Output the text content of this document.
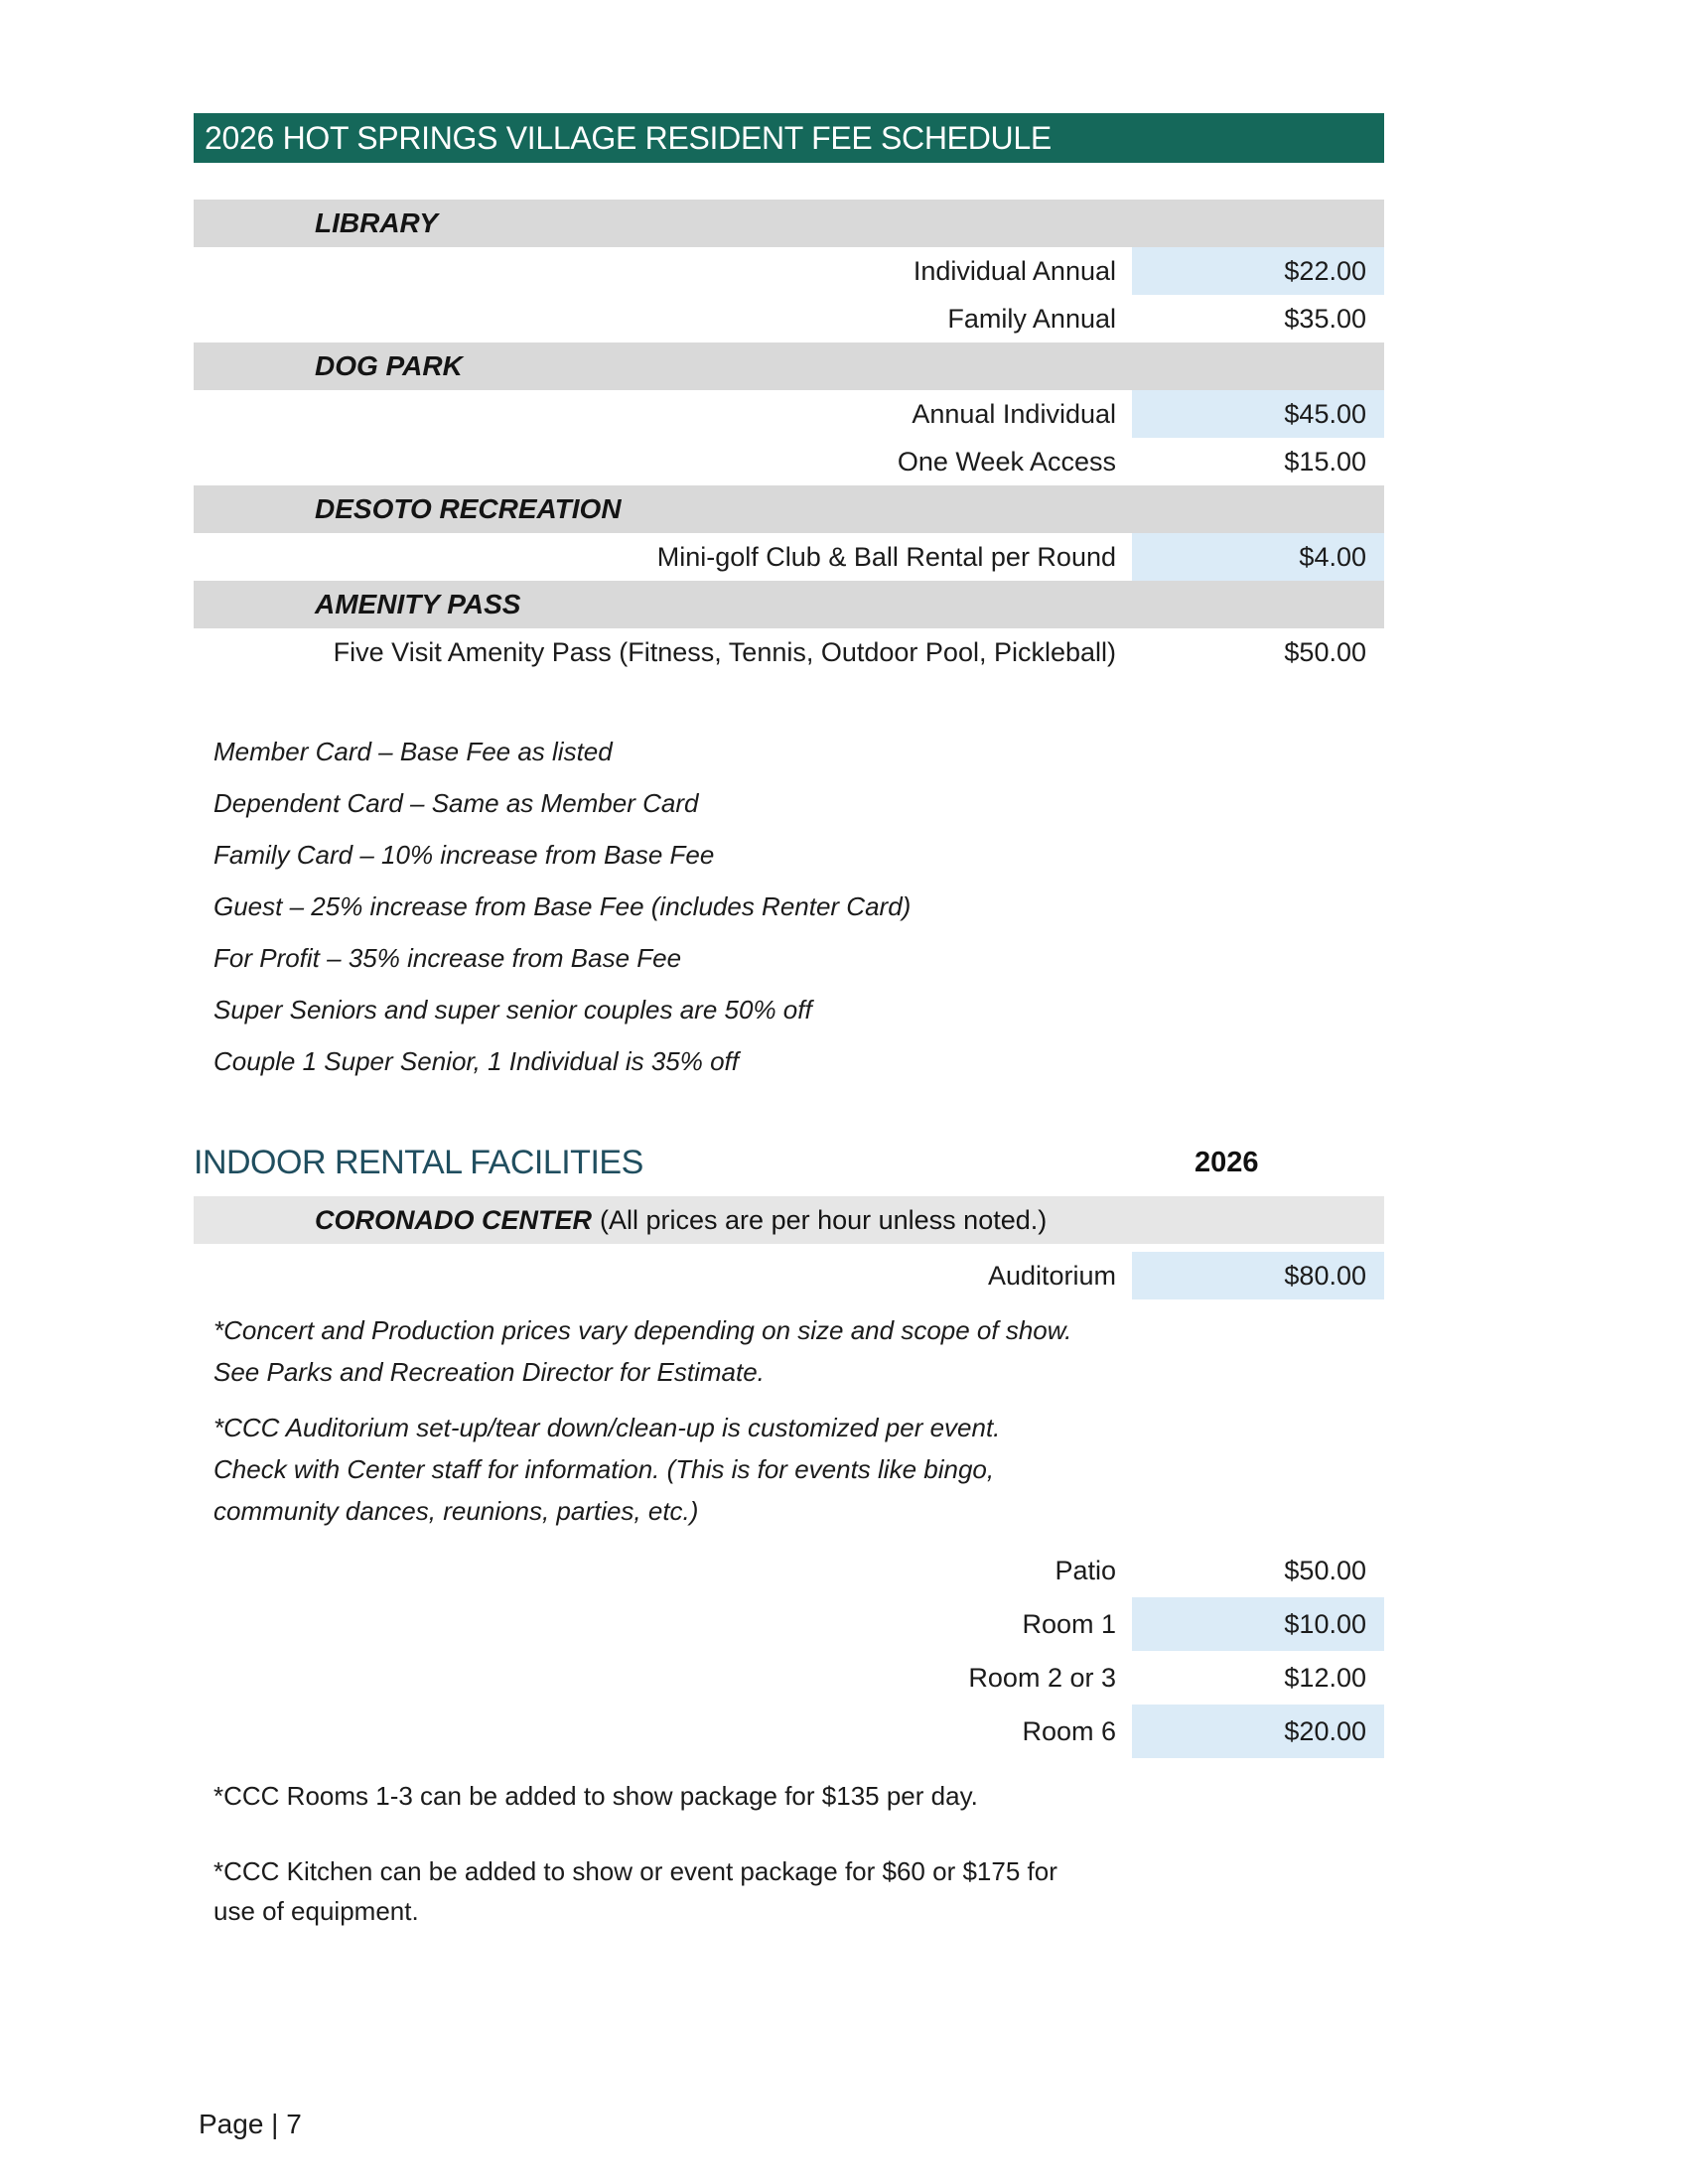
2026 HOT SPRINGS VILLAGE RESIDENT FEE SCHEDULE
LIBRARY
Individual Annual	$22.00
Family Annual	$35.00
DOG PARK
Annual Individual	$45.00
One Week Access	$15.00
DESOTO RECREATION
Mini-golf Club & Ball Rental per Round	$4.00
AMENITY PASS
Five Visit Amenity Pass (Fitness, Tennis, Outdoor Pool, Pickleball)	$50.00
Member Card – Base Fee as listed
Dependent Card – Same as Member Card
Family Card – 10% increase from Base Fee
Guest – 25% increase from Base Fee (includes Renter Card)
For Profit – 35% increase from Base Fee
Super Seniors and super senior couples are 50% off
Couple 1 Super Senior, 1 Individual is 35% off
INDOOR RENTAL FACILITIES	2026
CORONADO CENTER (All prices are per hour unless noted.)
Auditorium	$80.00
*Concert and Production prices vary depending on size and scope of show.
See Parks and Recreation Director for Estimate.
*CCC Auditorium set-up/tear down/clean-up is customized per event.
Check with Center staff for information. (This is for events like bingo,
community dances, reunions, parties, etc.)
Patio	$50.00
Room 1	$10.00
Room 2 or 3	$12.00
Room 6	$20.00
*CCC Rooms 1-3 can be added to show package for $135 per day.
*CCC Kitchen can be added to show or event package for $60 or $175 for
use of equipment.
Page | 7
